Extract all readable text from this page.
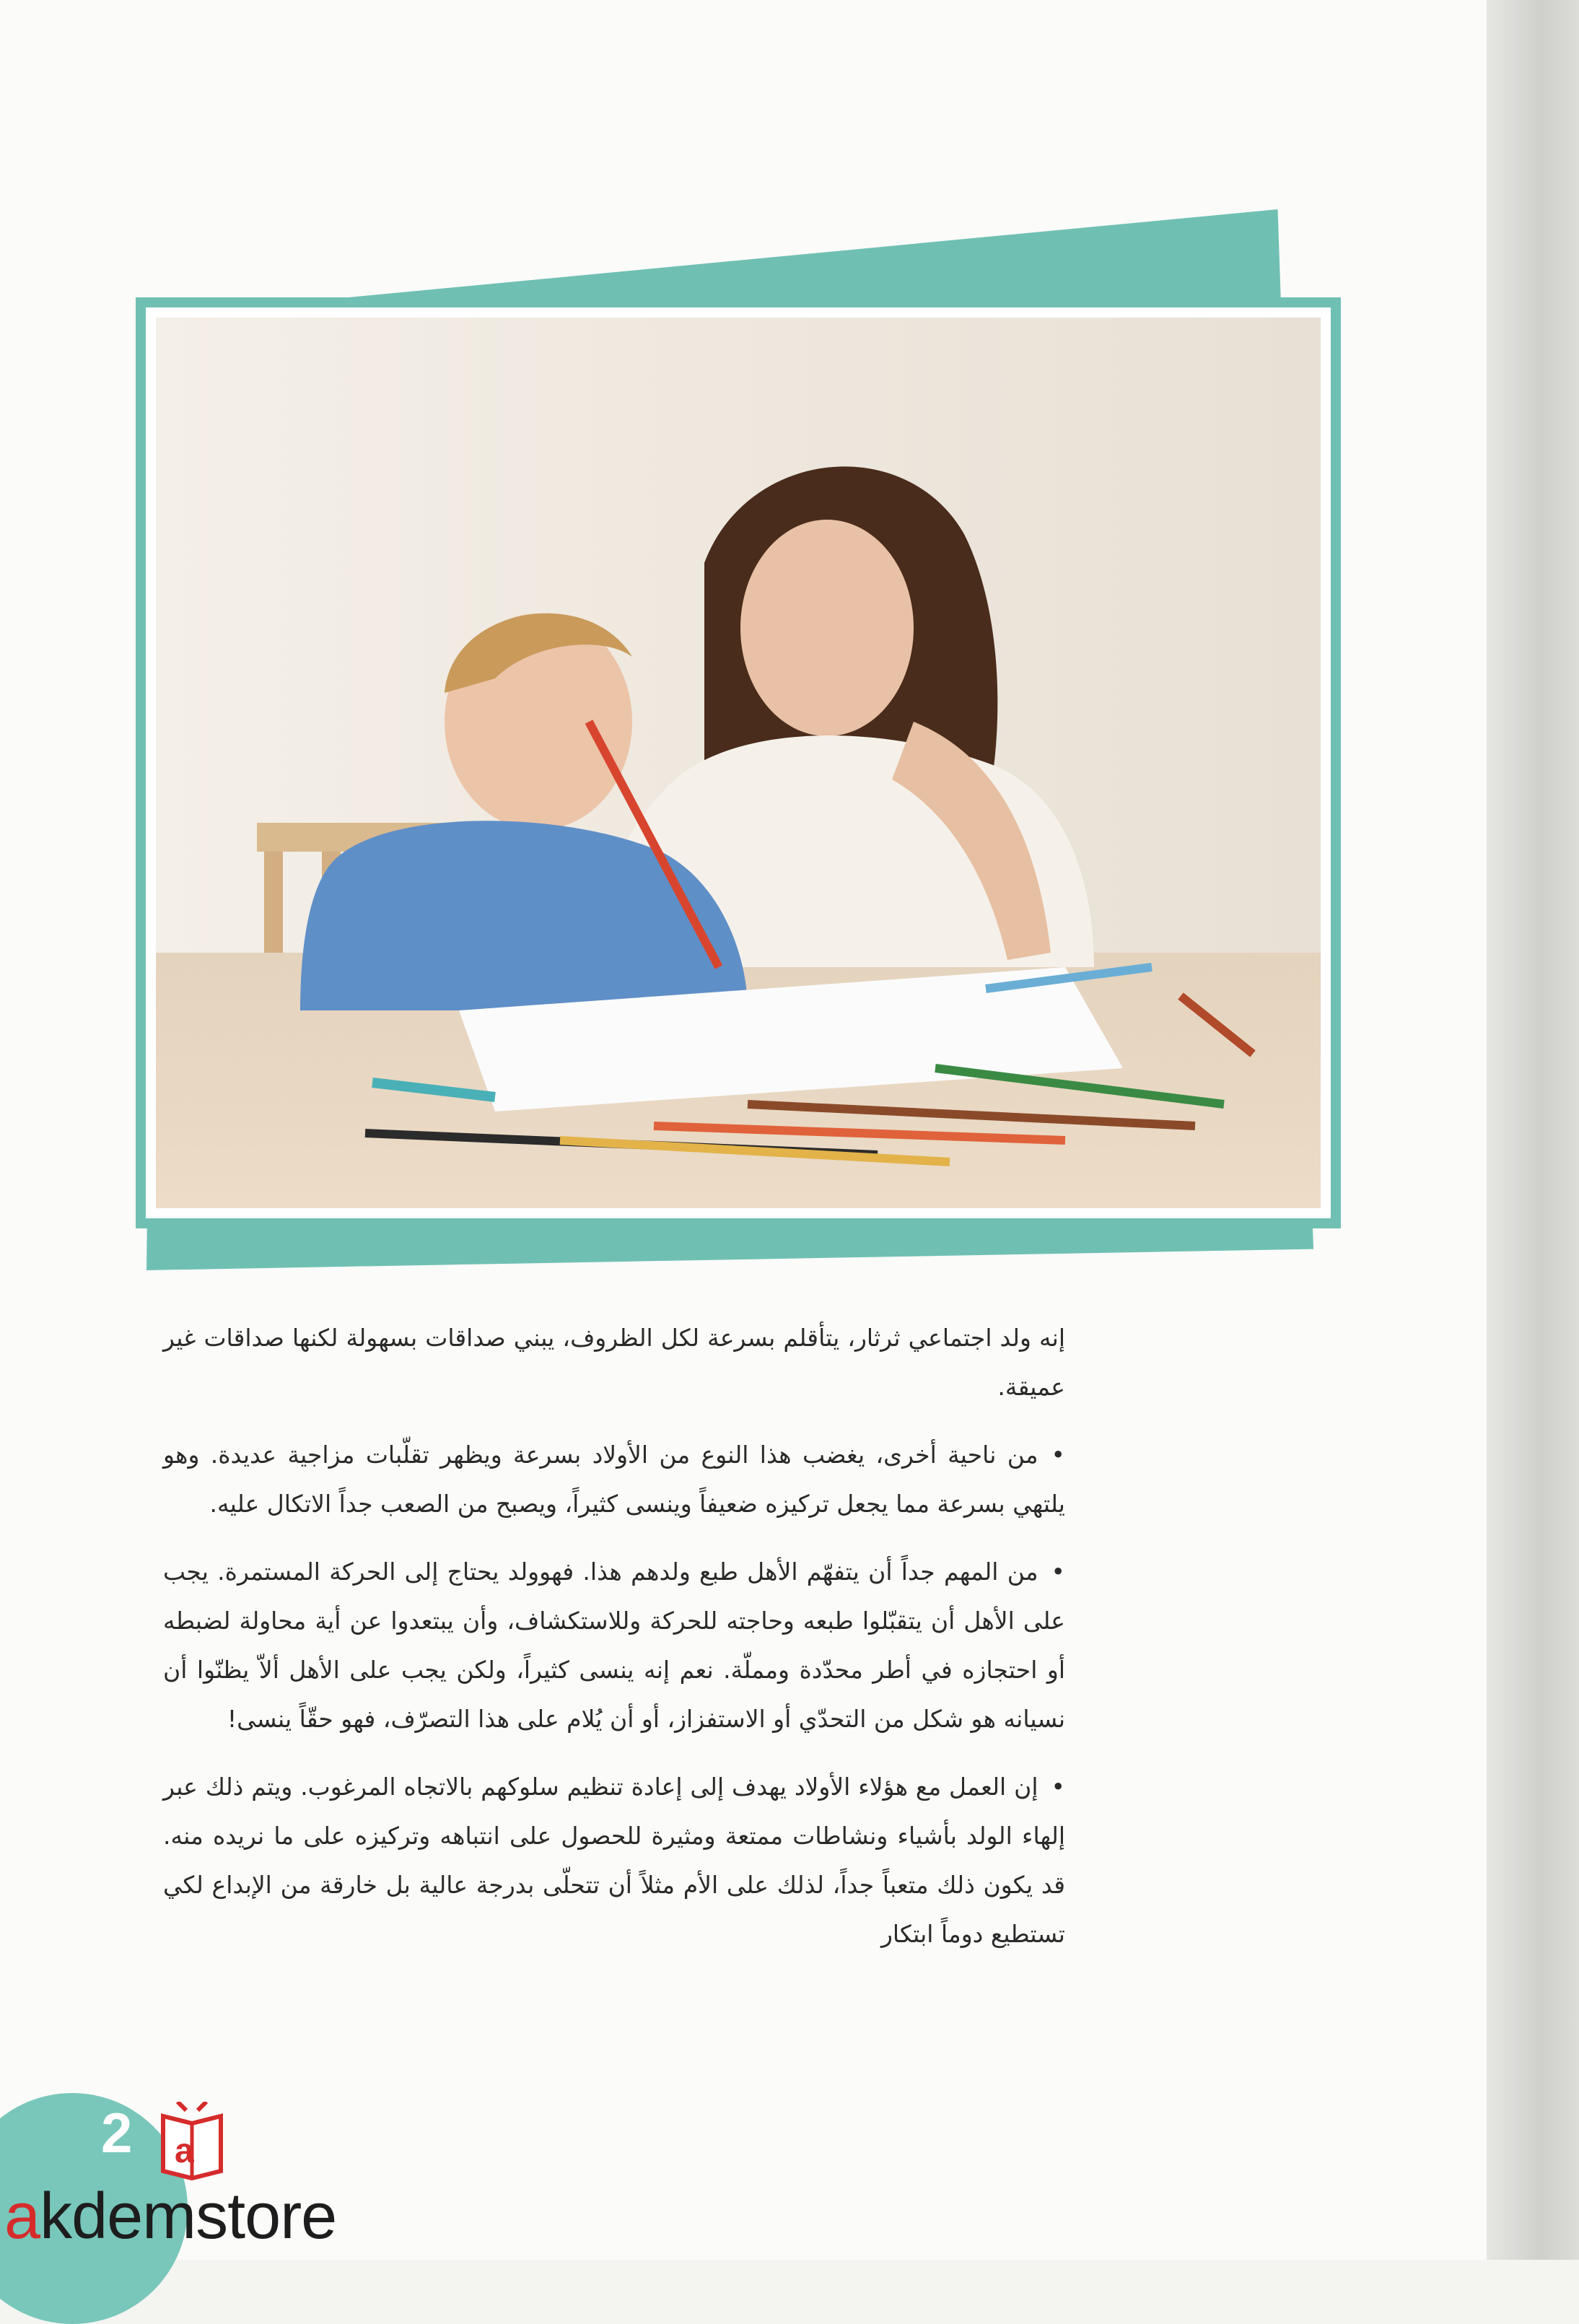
إنه ولد اجتماعي ثرثار، يتأقلم بسرعة لكل الظروف، يبني صداقات بسهولة لكنها صداقات غير عميقة.

• من ناحية أخرى، يغضب هذا النوع من الأولاد بسرعة ويظهر تقلّبات مزاجية عديدة. وهو يلتهي بسرعة مما يجعل تركيزه ضعيفاً وينسى كثيراً، ويصبح من الصعب جداً الاتكال عليه.

• من المهم جداً أن يتفهّم الأهل طبع ولدهم هذا. فهوولد يحتاج إلى الحركة المستمرة. يجب على الأهل أن يتقبّلوا طبعه وحاجته للحركة وللاستكشاف، وأن يبتعدوا عن أية محاولة لضبطه أو احتجازه في أطر محدّدة ومملّة. نعم إنه ينسى كثيراً، ولكن يجب على الأهل ألاّ يظنّوا أن نسيانه هو شكل من التحدّي أو الاستفزاز، أو أن يُلام على هذا التصرّف، فهو حقّاً ينسى!

• إن العمل مع هؤلاء الأولاد يهدف إلى إعادة تنظيم سلوكهم بالاتجاه المرغوب. ويتم ذلك عبر إلهاء الولد بأشياء ونشاطات ممتعة ومثيرة للحصول على انتباهه وتركيزه على ما نريده منه. قد يكون ذلك متعباً جداً، لذلك على الأم مثلاً أن تتحلّى بدرجة عالية بل خارقة من الإبداع لكي تستطيع دوماً ابتكار

2 a
akdemstore
